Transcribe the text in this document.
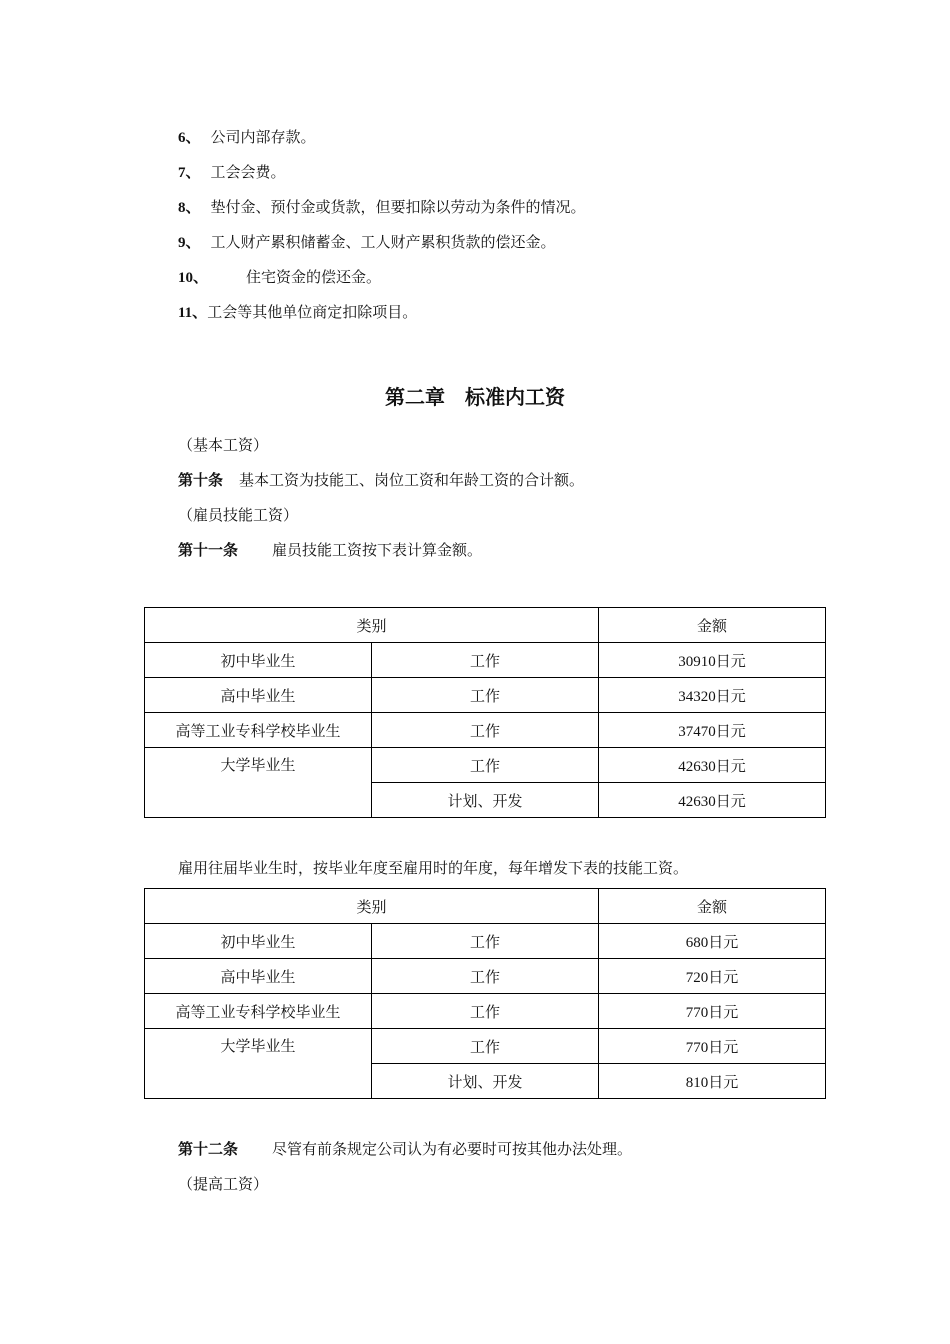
6、 公司内部存款。
7、 工会会费。
8、 垫付金、预付金或货款，但要扣除以劳动为条件的情况。
9、 工人财产累积储蓄金、工人财产累积货款的偿还金。
10、	住宅资金的偿还金。
11、工会等其他单位商定扣除项目。
第二章　标准内工资
（基本工资）
第十条 基本工资为技能工、岗位工资和年龄工资的合计额。
（雇员技能工资）
第十一条 雇员技能工资按下表计算金额。
类别		金额
初中毕业生	工作	30910日元
高中毕业生	工作	34320日元
高等工业专科学校毕业生	工作	37470日元
大学毕业生	工作	42630日元
	计划、开发	42630日元
雇用往届毕业生时，按毕业年度至雇用时的年度，每年增发下表的技能工资。
类别		金额
初中毕业生	工作	680日元
高中毕业生	工作	720日元
高等工业专科学校毕业生	工作	770日元
大学毕业生	工作	770日元
	计划、开发	810日元
第十二条 尽管有前条规定公司认为有必要时可按其他办法处理。
（提高工资）
